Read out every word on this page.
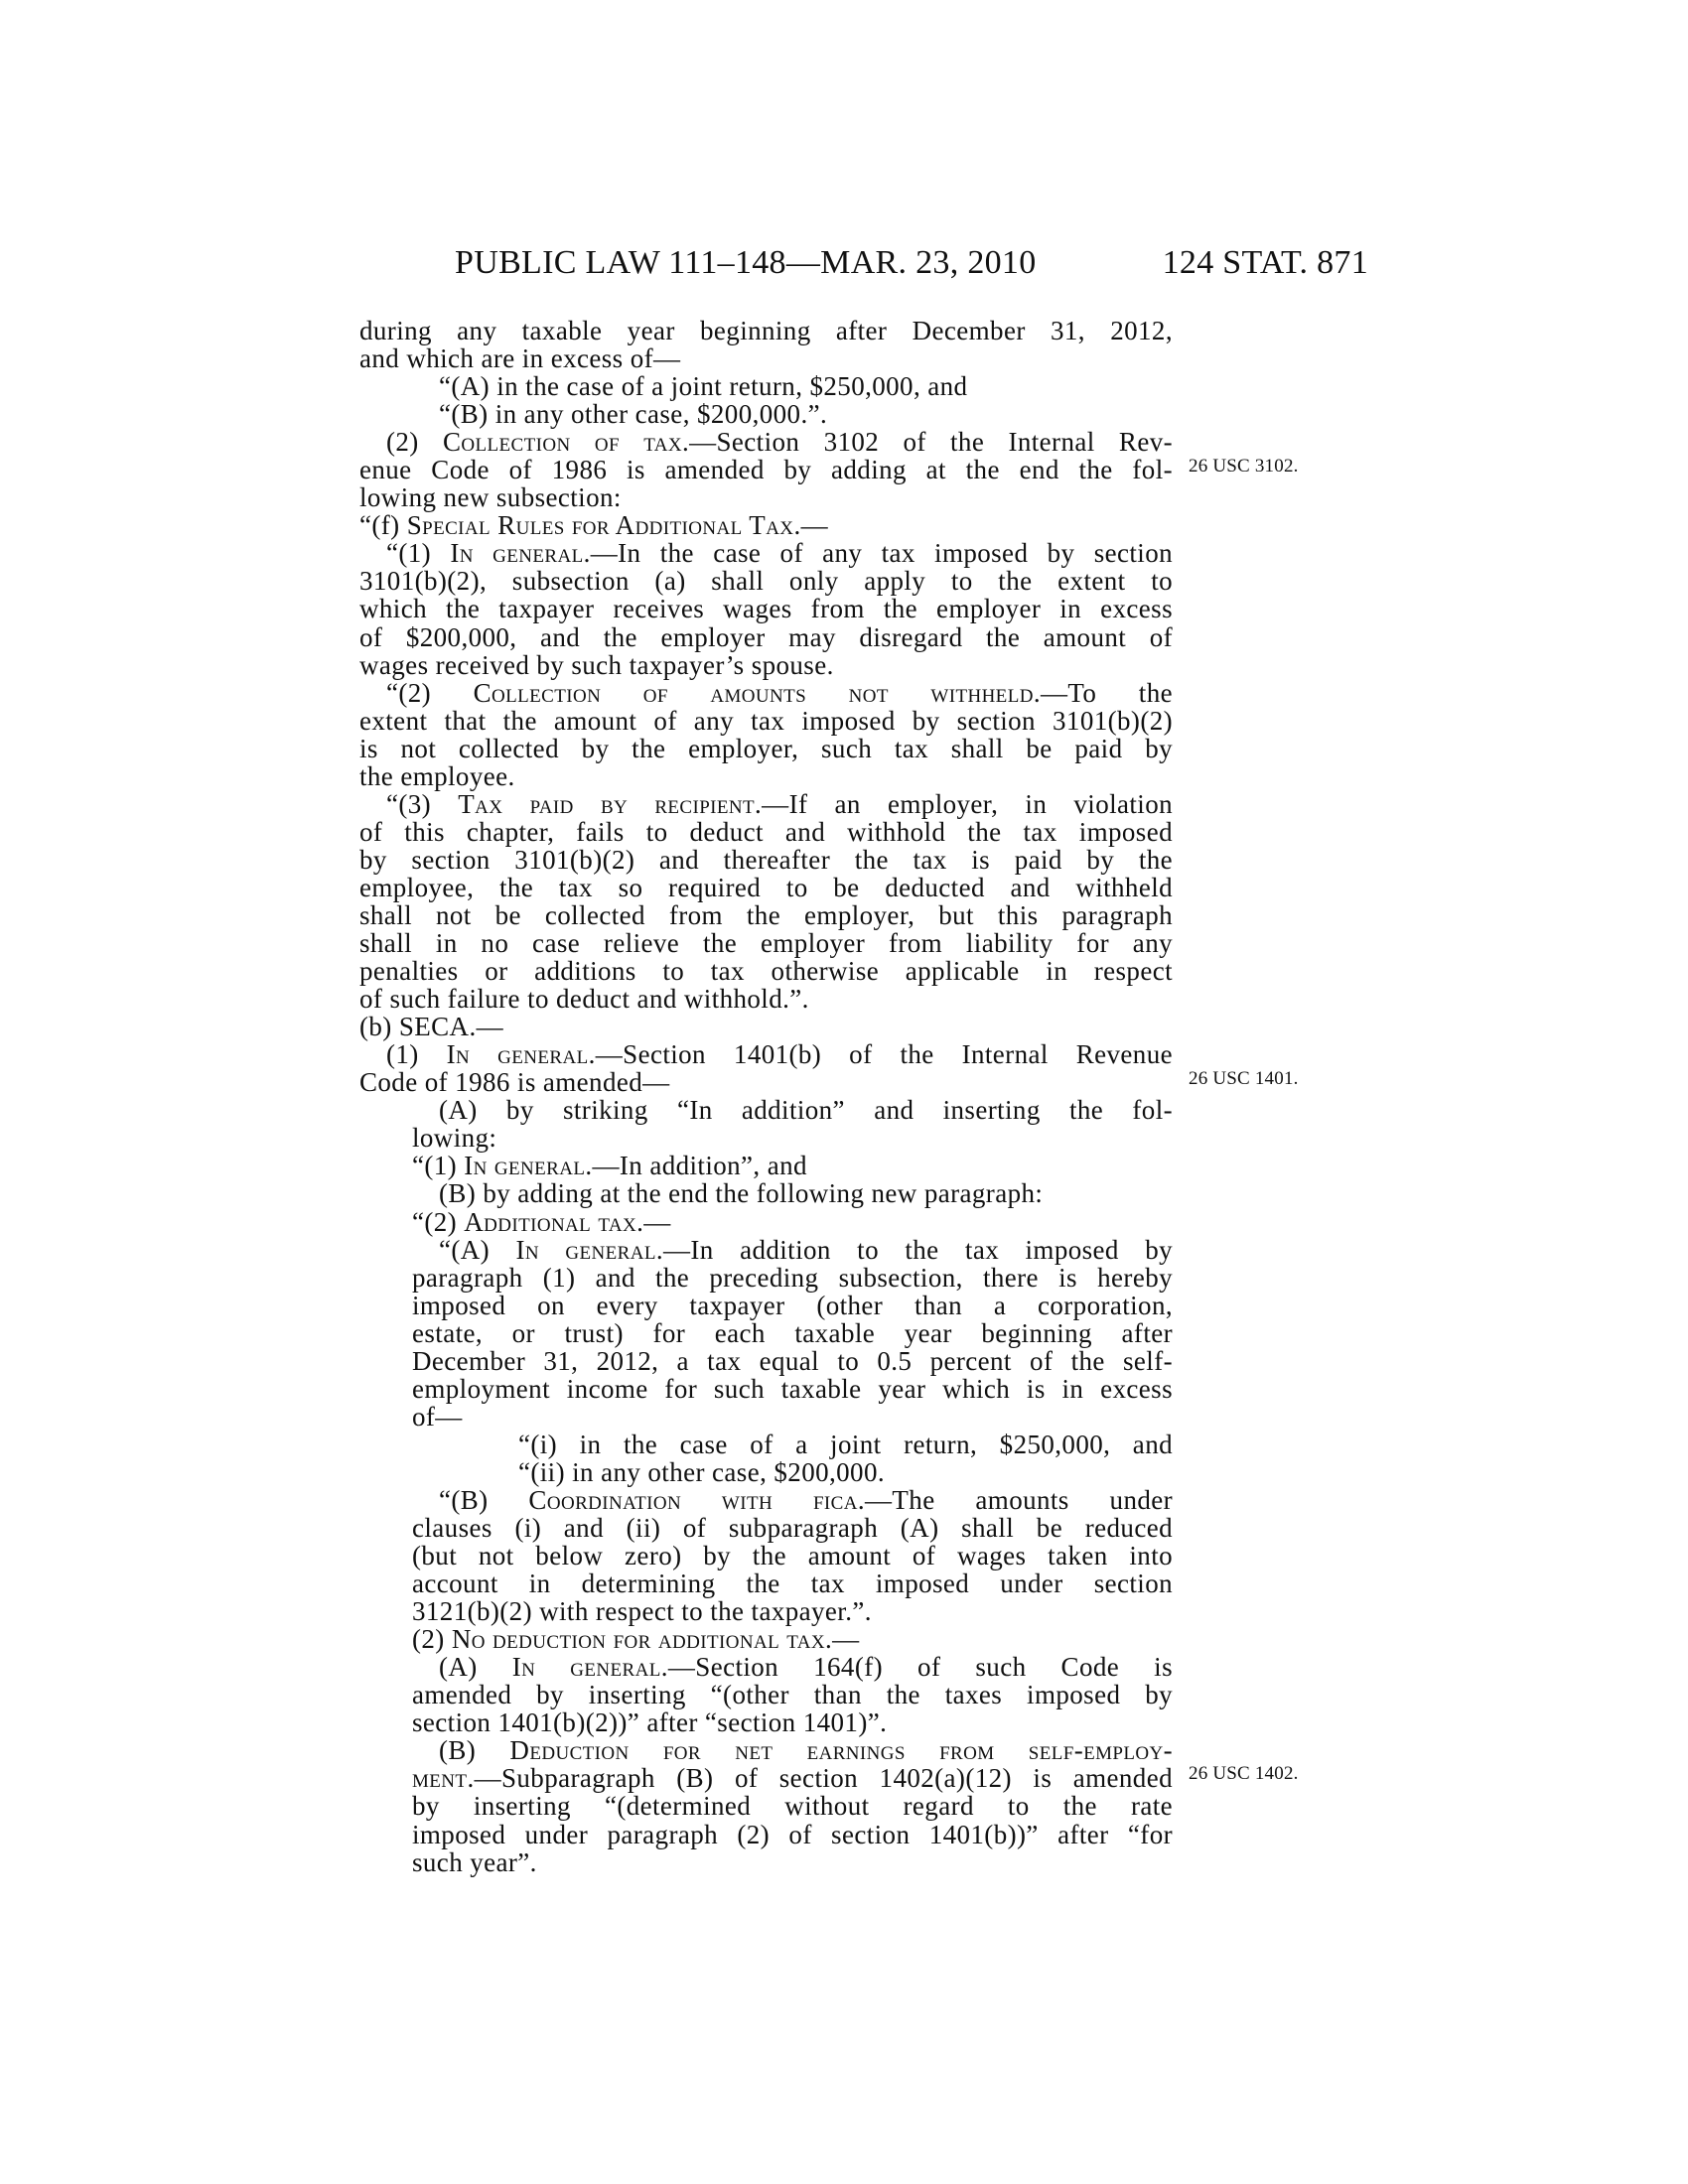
PUBLIC LAW 111–148—MAR. 23, 2010	124 STAT. 871
during any taxable year beginning after December 31, 2012,
and which are in excess of—
“(A) in the case of a joint return, $250,000, and
“(B) in any other case, $200,000.”.
(2) Collection of tax.—Section 3102 of the Internal Rev-
enue Code of 1986 is amended by adding at the end the fol-
lowing new subsection:
“(f) Special Rules for Additional Tax.—
“(1) In general.—In the case of any tax imposed by section
3101(b)(2), subsection (a) shall only apply to the extent to
which the taxpayer receives wages from the employer in excess
of $200,000, and the employer may disregard the amount of
wages received by such taxpayer’s spouse.
“(2) Collection of amounts not withheld.—To the
extent that the amount of any tax imposed by section 3101(b)(2)
is not collected by the employer, such tax shall be paid by
the employee.
“(3) Tax paid by recipient.—If an employer, in violation
of this chapter, fails to deduct and withhold the tax imposed
by section 3101(b)(2) and thereafter the tax is paid by the
employee, the tax so required to be deducted and withheld
shall not be collected from the employer, but this paragraph
shall in no case relieve the employer from liability for any
penalties or additions to tax otherwise applicable in respect
of such failure to deduct and withhold.”.
(b) SECA.—
(1) In general.—Section 1401(b) of the Internal Revenue
Code of 1986 is amended—
(A) by striking “In addition” and inserting the fol-
lowing:
“(1) In general.—In addition”, and
(B) by adding at the end the following new paragraph:
“(2) Additional tax.—
“(A) In general.—In addition to the tax imposed by
paragraph (1) and the preceding subsection, there is hereby
imposed on every taxpayer (other than a corporation,
estate, or trust) for each taxable year beginning after
December 31, 2012, a tax equal to 0.5 percent of the self-
employment income for such taxable year which is in excess
of—
“(i) in the case of a joint return, $250,000, and
“(ii) in any other case, $200,000.
“(B) Coordination with fica.—The amounts under
clauses (i) and (ii) of subparagraph (A) shall be reduced
(but not below zero) by the amount of wages taken into
account in determining the tax imposed under section
3121(b)(2) with respect to the taxpayer.”.
(2) No deduction for additional tax.—
(A) In general.—Section 164(f) of such Code is
amended by inserting “(other than the taxes imposed by
section 1401(b)(2))” after “section 1401)”.
(B) Deduction for net earnings from self-employ-
ment.—Subparagraph (B) of section 1402(a)(12) is amended
by inserting “(determined without regard to the rate
imposed under paragraph (2) of section 1401(b))” after “for
such year”.
26 USC 3102.
26 USC 1401.
26 USC 1402.
